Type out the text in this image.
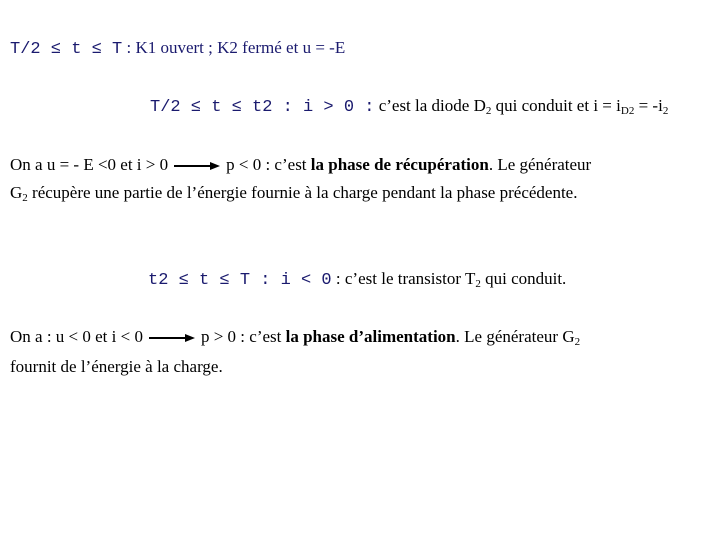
T/2 ≤ t ≤ T : K1 ouvert ; K2 fermé et u = -E
T/2 ≤ t ≤ t2 : i > 0 : c’est la diode $D_2$ qui conduit et $i = i_{D2} = -i_2$
On a u = - E <0 et i > 0	p < 0 : c’est la phase de récupération. Le générateur
$G_2$ récupère une partie de l’énergie fournie à la charge pendant la phase précédente.
t2 ≤ t ≤ T : i < 0 : c’est le transistor $T_2$ qui conduit.
On a : u < 0 et i < 0	p > 0 : c’est la phase d’alimentation. Le générateur $G_2$
fournit de l’énergie à la charge.
